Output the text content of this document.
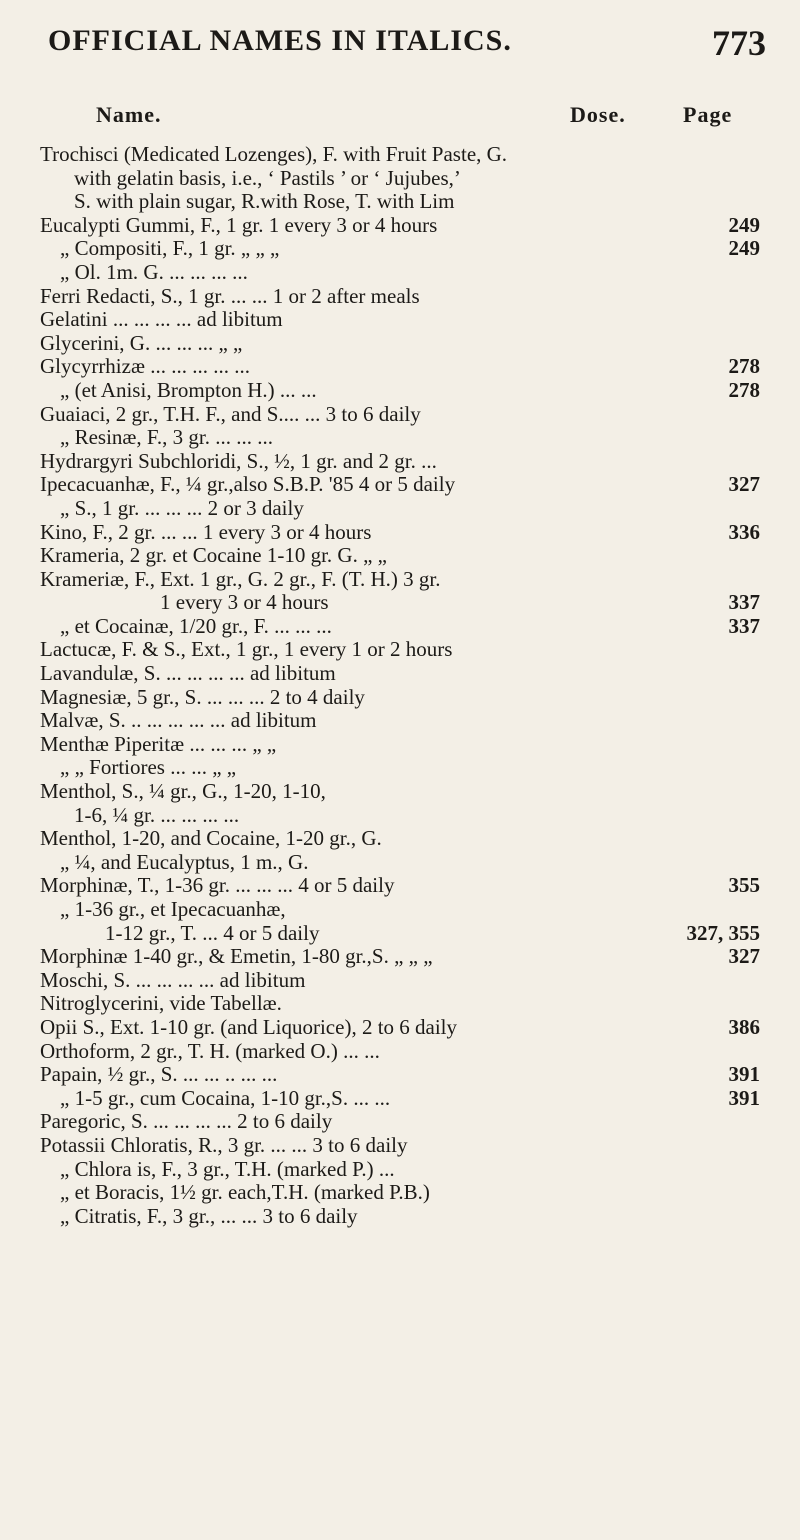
OFFICIAL NAMES IN ITALICS.	773
Name.	Dose.	Page
Trochisci (Medicated Lozenges), F. with Fruit Paste, G.
with gelatin basis, i.e., ‘ Pastils ’ or ‘ Jujubes,’
S. with plain sugar, R.with Rose, T. with Lim
Eucalypti Gummi, F., 1 gr. 1 every 3 or 4 hours	249
„ Compositi, F., 1 gr. „ „ „	249
„ Ol. 1m. G. ... ... ... ...
Ferri Redacti, S., 1 gr. ... ... 1 or 2 after meals
Gelatini ... ... ... ... ad libitum
Glycerini, G. ... ... ... „ „
Glycyrrhizæ ... ... ... ... ...	278
„ (et Anisi, Brompton H.) ... ...	278
Guaiaci, 2 gr., T.H. F., and S.... ... 3 to 6 daily
„ Resinæ, F., 3 gr. ... ... ...
Hydrargyri Subchloridi, S., ½, 1 gr. and 2 gr. ...
Ipecacuanhæ, F., ¼ gr.,also S.B.P. '85 4 or 5 daily	327
„ S., 1 gr. ... ... ... 2 or 3 daily
Kino, F., 2 gr. ... ... 1 every 3 or 4 hours	336
Krameria, 2 gr. et Cocaine 1-10 gr. G. „ „
Krameriæ, F., Ext. 1 gr., G. 2 gr., F. (T. H.) 3 gr.
1 every 3 or 4 hours	337
„ et Cocainæ, 1/20 gr., F. ... ... ...	337
Lactucæ, F. & S., Ext., 1 gr., 1 every 1 or 2 hours
Lavandulæ, S. ... ... ... ... ad libitum
Magnesiæ, 5 gr., S. ... ... ... 2 to 4 daily
Malvæ, S. .. ... ... ... ... ad libitum
Menthæ Piperitæ ... ... ... „ „
„ „ Fortiores ... ... „ „
Menthol, S., ¼ gr., G., 1-20, 1-10,
1-6, ¼ gr. ... ... ... ...
Menthol, 1-20, and Cocaine, 1-20 gr., G.
„ ¼, and Eucalyptus, 1 m., G.
Morphinæ, T., 1-36 gr. ... ... ... 4 or 5 daily	355
„ 1-36 gr., et Ipecacuanhæ,
1-12 gr., T. ... 4 or 5 daily	327, 355
Morphinæ 1-40 gr., & Emetin, 1-80 gr.,S. „ „ „	327
Moschi, S. ... ... ... ... ad libitum
Nitroglycerini, vide Tabellæ.
Opii S., Ext. 1-10 gr. (and Liquorice), 2 to 6 daily	386
Orthoform, 2 gr., T. H. (marked O.) ... ...
Papain, ½ gr., S. ... ... .. ... ...	391
„ 1-5 gr., cum Cocaina, 1-10 gr.,S. ... ...	391
Paregoric, S. ... ... ... ... 2 to 6 daily
Potassii Chloratis, R., 3 gr. ... ... 3 to 6 daily
„ Chlora is, F., 3 gr., T.H. (marked P.) ...
„ et Boracis, 1½ gr. each,T.H. (marked P.B.)
„ Citratis, F., 3 gr., ... ... 3 to 6 daily
